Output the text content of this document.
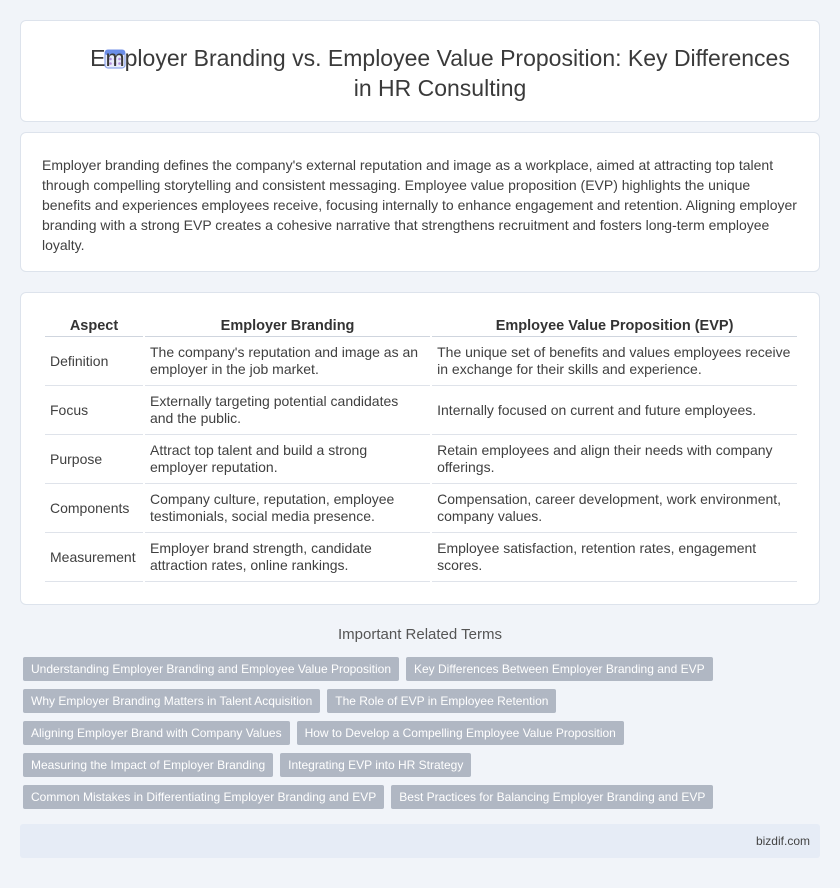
Employer Branding vs. Employee Value Proposition: Key Differences in HR Consulting

Employer branding defines the company's external reputation and image as a workplace, aimed at attracting top talent through compelling storytelling and consistent messaging. Employee value proposition (EVP) highlights the unique benefits and experiences employees receive, focusing internally to enhance engagement and retention. Aligning employer branding with a strong EVP creates a cohesive narrative that strengthens recruitment and fosters long-term employee loyalty.

Aspect	Employer Branding	Employee Value Proposition (EVP)
Definition	The company's reputation and image as an employer in the job market.	The unique set of benefits and values employees receive in exchange for their skills and experience.
Focus	Externally targeting potential candidates and the public.	Internally focused on current and future employees.
Purpose	Attract top talent and build a strong employer reputation.	Retain employees and align their needs with company offerings.
Components	Company culture, reputation, employee testimonials, social media presence.	Compensation, career development, work environment, company values.
Measurement	Employer brand strength, candidate attraction rates, online rankings.	Employee satisfaction, retention rates, engagement scores.
Important Related Terms
Understanding Employer Branding and Employee Value Proposition Key Differences Between Employer Branding and EVP
Why Employer Branding Matters in Talent Acquisition The Role of EVP in Employee Retention
Aligning Employer Brand with Company Values How to Develop a Compelling Employee Value Proposition
Measuring the Impact of Employer Branding Integrating EVP into HR Strategy
Common Mistakes in Differentiating Employer Branding and EVP Best Practices for Balancing Employer Branding and EVP
bizdif.com
